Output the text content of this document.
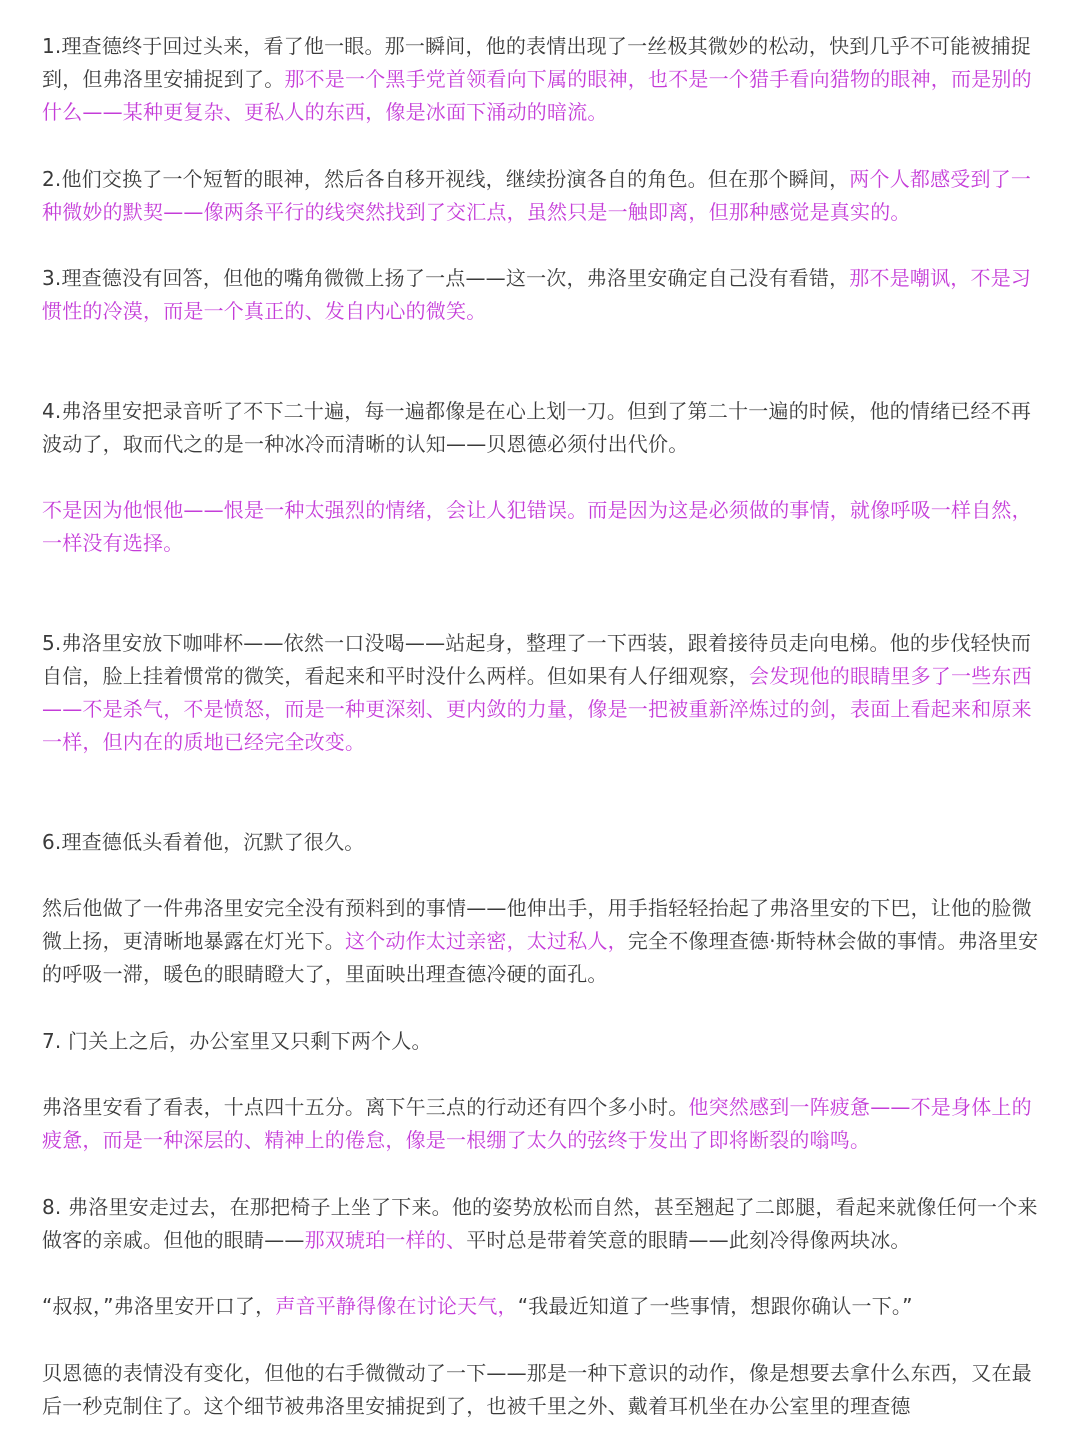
1.理查德终于回过头来，看了他一眼。那一瞬间，他的表情出现了一丝极其微妙的松动，快到几乎不可能被捕捉到，但弗洛里安捕捉到了。那不是一个黑手党首领看向下属的眼神，也不是一个猎手看向猎物的眼神，而是别的什么——某种更复杂、更私人的东西，像是冰面下涌动的暗流。

2.他们交换了一个短暂的眼神，然后各自移开视线，继续扮演各自的角色。但在那个瞬间，两个人都感受到了一种微妙的默契——像两条平行的线突然找到了交汇点，虽然只是一触即离，但那种感觉是真实的。

3.理查德没有回答，但他的嘴角微微上扬了一点——这一次，弗洛里安确定自己没有看错，那不是嘲讽，不是习惯性的冷漠，而是一个真正的、发自内心的微笑。

4.弗洛里安把录音听了不下二十遍，每一遍都像是在心上划一刀。但到了第二十一遍的时候，他的情绪已经不再波动了，取而代之的是一种冰冷而清晰的认知——贝恩德必须付出代价。

不是因为他恨他——恨是一种太强烈的情绪，会让人犯错误。而是因为这是必须做的事情，就像呼吸一样自然，一样没有选择。

5.弗洛里安放下咖啡杯——依然一口没喝——站起身，整理了一下西装，跟着接待员走向电梯。他的步伐轻快而自信，脸上挂着惯常的微笑，看起来和平时没什么两样。但如果有人仔细观察，会发现他的眼睛里多了一些东西——不是杀气，不是愤怒，而是一种更深刻、更内敛的力量，像是一把被重新淬炼过的剑，表面上看起来和原来一样，但内在的质地已经完全改变。

6.理查德低头看着他，沉默了很久。

然后他做了一件弗洛里安完全没有预料到的事情——他伸出手，用手指轻轻抬起了弗洛里安的下巴，让他的脸微微上扬，更清晰地暴露在灯光下。这个动作太过亲密，太过私人，完全不像理查德·斯特林会做的事情。弗洛里安的呼吸一滞，暖色的眼睛瞪大了，里面映出理查德冷硬的面孔。

7. 门关上之后，办公室里又只剩下两个人。

弗洛里安看了看表，十点四十五分。离下午三点的行动还有四个多小时。他突然感到一阵疲惫——不是身体上的疲惫，而是一种深层的、精神上的倦怠，像是一根绷了太久的弦终于发出了即将断裂的嗡鸣。

8. 弗洛里安走过去，在那把椅子上坐了下来。他的姿势放松而自然，甚至翘起了二郎腿，看起来就像任何一个来做客的亲戚。但他的眼睛——那双琥珀一样的、平时总是带着笑意的眼睛——此刻冷得像两块冰。

“叔叔，”弗洛里安开口了，声音平静得像在讨论天气，“我最近知道了一些事情，想跟你确认一下。”

贝恩德的表情没有变化，但他的右手微微动了一下——那是一种下意识的动作，像是想要去拿什么东西，又在最后一秒克制住了。这个细节被弗洛里安捕捉到了，也被千里之外、戴着耳机坐在办公室里的理查德
